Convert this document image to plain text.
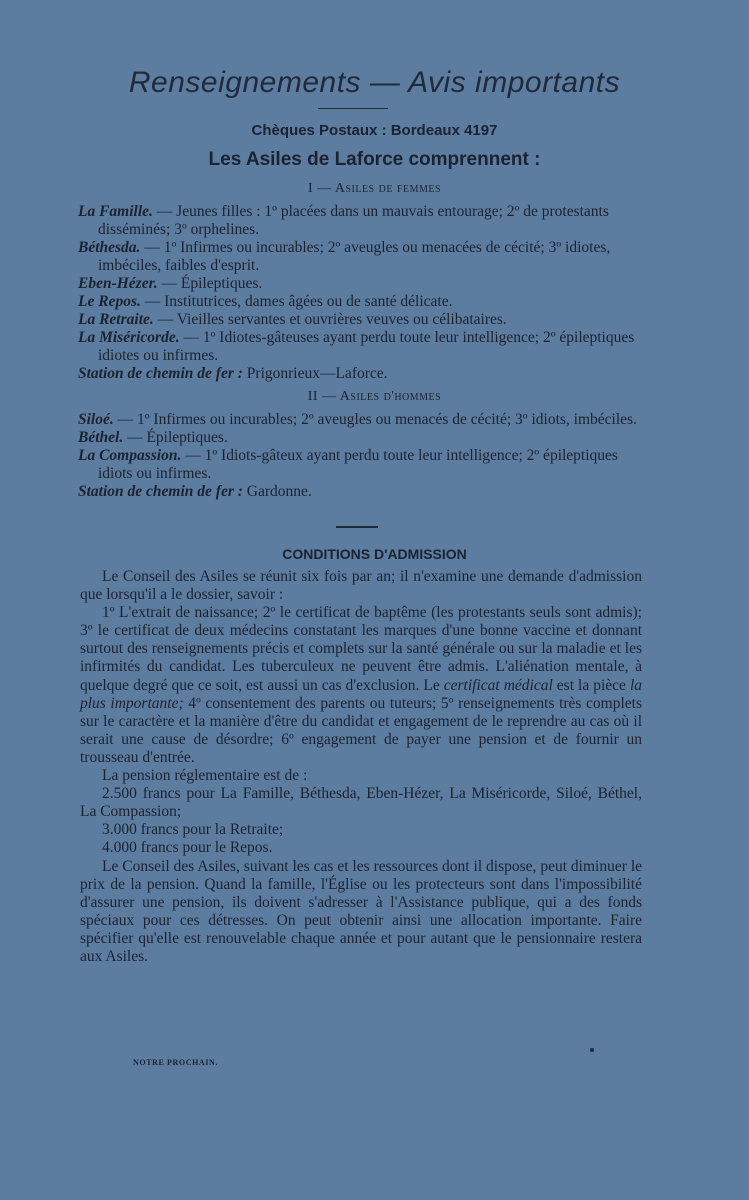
Renseignements — Avis importants
Chèques Postaux : Bordeaux 4197
Les Asiles de Laforce comprennent :
I — Asiles de femmes

La Famille. — Jeunes filles : 1º placées dans un mauvais entourage; 2º de protestants disséminés; 3º orphelines.

Béthesda. — 1º Infirmes ou incurables; 2º aveugles ou menacées de cécité; 3º idiotes, imbéciles, faibles d'esprit.

Eben-Hézer. — Épileptiques.

Le Repos. — Institutrices, dames âgées ou de santé délicate.

La Retraite. — Vieilles servantes et ouvrières veuves ou célibataires.

La Miséricorde. — 1º Idiotes-gâteuses ayant perdu toute leur intelligence; 2º épileptiques idiotes ou infirmes.

Station de chemin de fer : Prigonrieux—Laforce.

II — Asiles d'hommes

Siloé. — 1º Infirmes ou incurables; 2º aveugles ou menacés de cécité; 3º idiots, imbéciles.

Béthel. — Épileptiques.

La Compassion. — 1º Idiots-gâteux ayant perdu toute leur intelligence; 2º épileptiques idiots ou infirmes.

Station de chemin de fer : Gardonne.

CONDITIONS D'ADMISSION

Le Conseil des Asiles se réunit six fois par an; il n'examine une demande d'admission que lorsqu'il a le dossier, savoir :

1º L'extrait de naissance; 2º le certificat de baptême (les protestants seuls sont admis); 3º le certificat de deux médecins constatant les marques d'une bonne vaccine et donnant surtout des renseignements précis et complets sur la santé générale ou sur la maladie et les infirmités du candidat. Les tuberculeux ne peuvent être admis. L'aliénation mentale, à quelque degré que ce soit, est aussi un cas d'exclusion. Le certificat médical est la pièce la plus importante; 4º consentement des parents ou tuteurs; 5º renseignements très complets sur le caractère et la manière d'être du candidat et engagement de le reprendre au cas où il serait une cause de désordre; 6º engagement de payer une pension et de fournir un trousseau d'entrée.

La pension réglementaire est de :

2.500 francs pour La Famille, Béthesda, Eben-Hézer, La Miséricorde, Siloé, Béthel, La Compassion;

3.000 francs pour la Retraite;

4.000 francs pour le Repos.

Le Conseil des Asiles, suivant les cas et les ressources dont il dispose, peut diminuer le prix de la pension. Quand la famille, l'Église ou les protecteurs sont dans l'impossibilité d'assurer une pension, ils doivent s'adresser à l'Assistance publique, qui a des fonds spéciaux pour ces détresses. On peut obtenir ainsi une allocation importante. Faire spécifier qu'elle est renouvelable chaque année et pour autant que le pensionnaire restera aux Asiles.

NOTRE PROCHAIN.
